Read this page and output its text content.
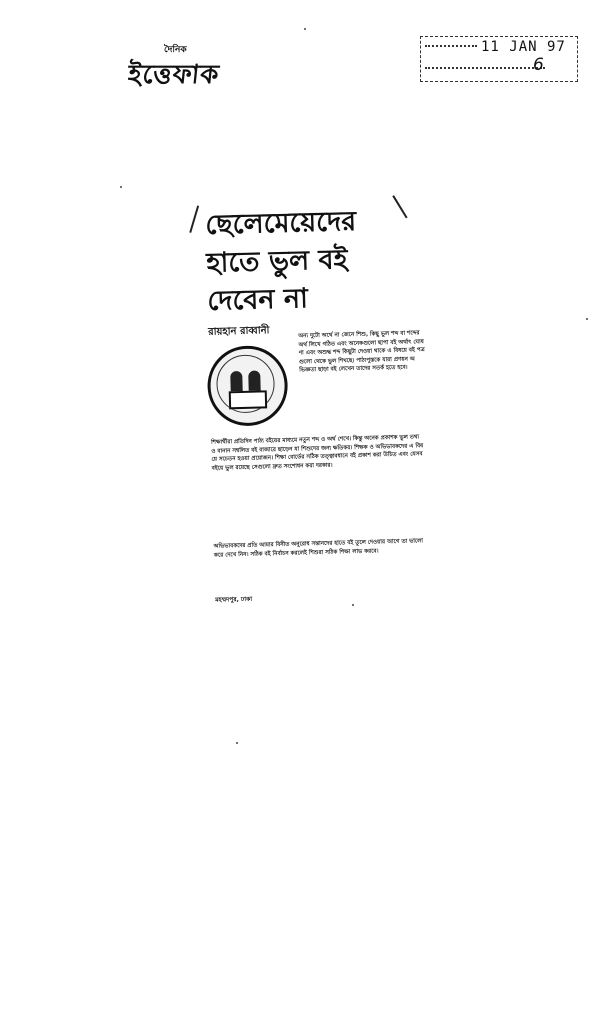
দৈনিক
ইত্তেফাক
11 JAN 97
6
ছেলেমেয়েদের হাতে ভুল বই দেবেন না
রায়হান রাব্বানী	অন্য দুটো অর্থে না জেনে শিশু, কিছু ভুল শব্দ বা শব্দের অর্থ লিখে গঠিত এবং অনেকগুলো ছাপা বই অর্থাৎ ঘোষণা এবং অশুদ্ধ শব্দ কিছুটা দেওয়া থাকে এ বিষয়ে বই পত্রগুলো থেকে ভুল শিখছে। পাঠ্যপুস্তকে যারা প্রণয়ন অভিজ্ঞতা ছাড়া বই লেখেন তাদের সতর্ক হতে হবে।
শিক্ষার্থীরা প্রতিদিন পাঠ্য বইয়ের মাধ্যমে নতুন শব্দ ও অর্থ শেখে। কিন্তু অনেক প্রকাশক ভুল তথ্য ও বানান সম্বলিত বই বাজারে ছাড়েন যা শিশুদের জন্য ক্ষতিকর। শিক্ষক ও অভিভাবকদের এ বিষয়ে সচেতন হওয়া প্রয়োজন। শিক্ষা বোর্ডের সঠিক তত্ত্বাবধানে বই প্রকাশ করা উচিত এবং যেসব বইয়ে ভুল রয়েছে সেগুলো দ্রুত সংশোধন করা দরকার।
অভিভাবকদের প্রতি আমার বিনীত অনুরোধ সন্তানদের হাতে বই তুলে দেওয়ার আগে তা ভালো করে দেখে নিন। সঠিক বই নির্বাচন করলেই শিশুরা সঠিক শিক্ষা লাভ করবে।
মহম্মদপুর, ঢাকা
